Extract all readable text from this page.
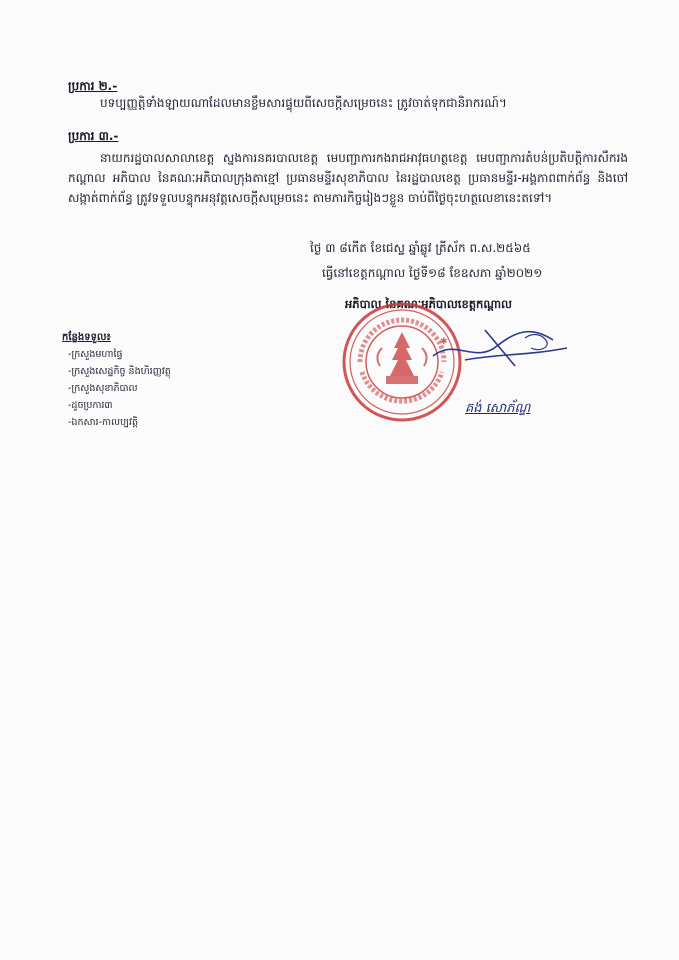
ប្រការ ២.-
បទប្បញ្ញត្តិទាំងឡាយណាដែលមានខ្លឹមសារផ្ទុយពីសេចក្តីសម្រេចនេះ ត្រូវចាត់ទុកជានិរាករណ៍។
ប្រការ ៣.-
នាយករដ្ឋបាលសាលាខេត្ត ស្នងការនគរបាលខេត្ត មេបញ្ជាការកងរាជអាវុធហត្ថខេត្ត មេបញ្ជាការតំបន់ប្រតិបត្តិការសឹករងកណ្តាល អភិបាល នៃគណៈអភិបាលក្រុងតាខ្មៅ ប្រធានមន្ទីរសុខាភិបាល នៃរដ្ឋបាលខេត្ត ប្រធានមន្ទីរ-អង្គភាពពាក់ព័ន្ធ និងចៅសង្កាត់ពាក់ព័ន្ធ ត្រូវទទួលបន្ទុកអនុវត្តសេចក្តីសម្រេចនេះ តាមភារកិច្ចរៀងៗខ្លួន ចាប់ពីថ្ងៃចុះហត្ថលេខានេះតទៅ។
ថ្ងៃ ៣ ៨កើត ខែជេស្ឋ ឆ្នាំឆ្លូវ ត្រីស័ក ព.ស.២៥៦៥
ធ្វើនៅខេត្តកណ្តាល ថ្ងៃទី១៨ ខែឧសភា ឆ្នាំ២០២១
អភិបាល នៃគណៈអភិបាលខេត្តកណ្តាល
✱
គង់ សោភ័ណ្ឌ
កន្លែងទទួល៖
-ក្រសួងមហាផ្ទៃ
-ក្រសួងសេដ្ឋកិច្ច និងហិរញ្ញវត្ថុ
-ក្រសួងសុខាភិបាល
-ដូចប្រការ៣
-ឯកសារ-កាលប្បវត្តិ
